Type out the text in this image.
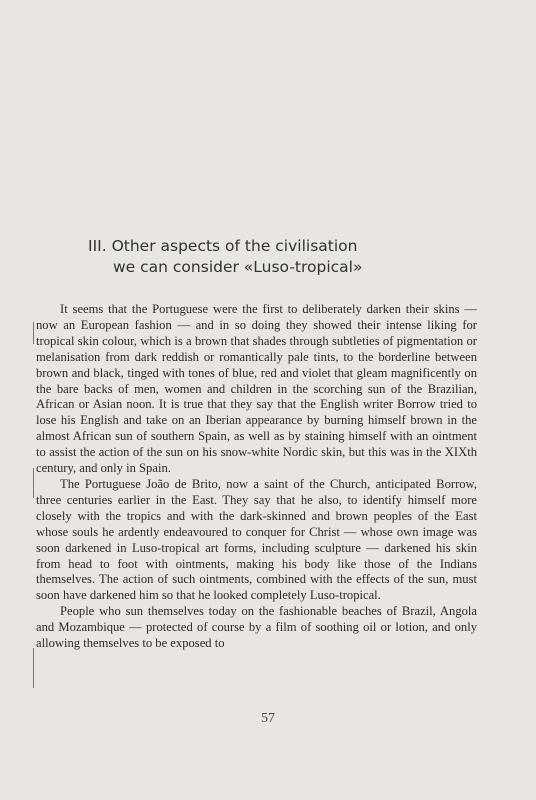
III. Other aspects of the civilisation
we can consider «Luso-tropical»

It seems that the Portuguese were the first to deliberately darken their skins — now an European fashion — and in so doing they showed their intense liking for tropical skin colour, which is a brown that shades through subtleties of pigmentation or melanisation from dark reddish or romantically pale tints, to the borderline between brown and black, tinged with tones of blue, red and violet that gleam magnificently on the bare backs of men, women and children in the scorching sun of the Brazilian, African or Asian noon. It is true that they say that the English writer Borrow tried to lose his English and take on an Iberian appearance by burning himself brown in the almost African sun of southern Spain, as well as by staining himself with an ointment to assist the action of the sun on his snow-white Nordic skin, but this was in the XIXth century, and only in Spain.

The Portuguese João de Brito, now a saint of the Church, anticipated Borrow, three centuries earlier in the East. They say that he also, to identify himself more closely with the tropics and with the dark-skinned and brown peoples of the East whose souls he ardently endeavoured to conquer for Christ — whose own image was soon darkened in Luso-tropical art forms, including sculpture — darkened his skin from head to foot with ointments, making his body like those of the Indians themselves. The action of such ointments, combined with the effects of the sun, must soon have darkened him so that he looked completely Luso-tropical.

People who sun themselves today on the fashionable beaches of Brazil, Angola and Mozambique — protected of course by a film of soothing oil or lotion, and only allowing themselves to be exposed to

57
